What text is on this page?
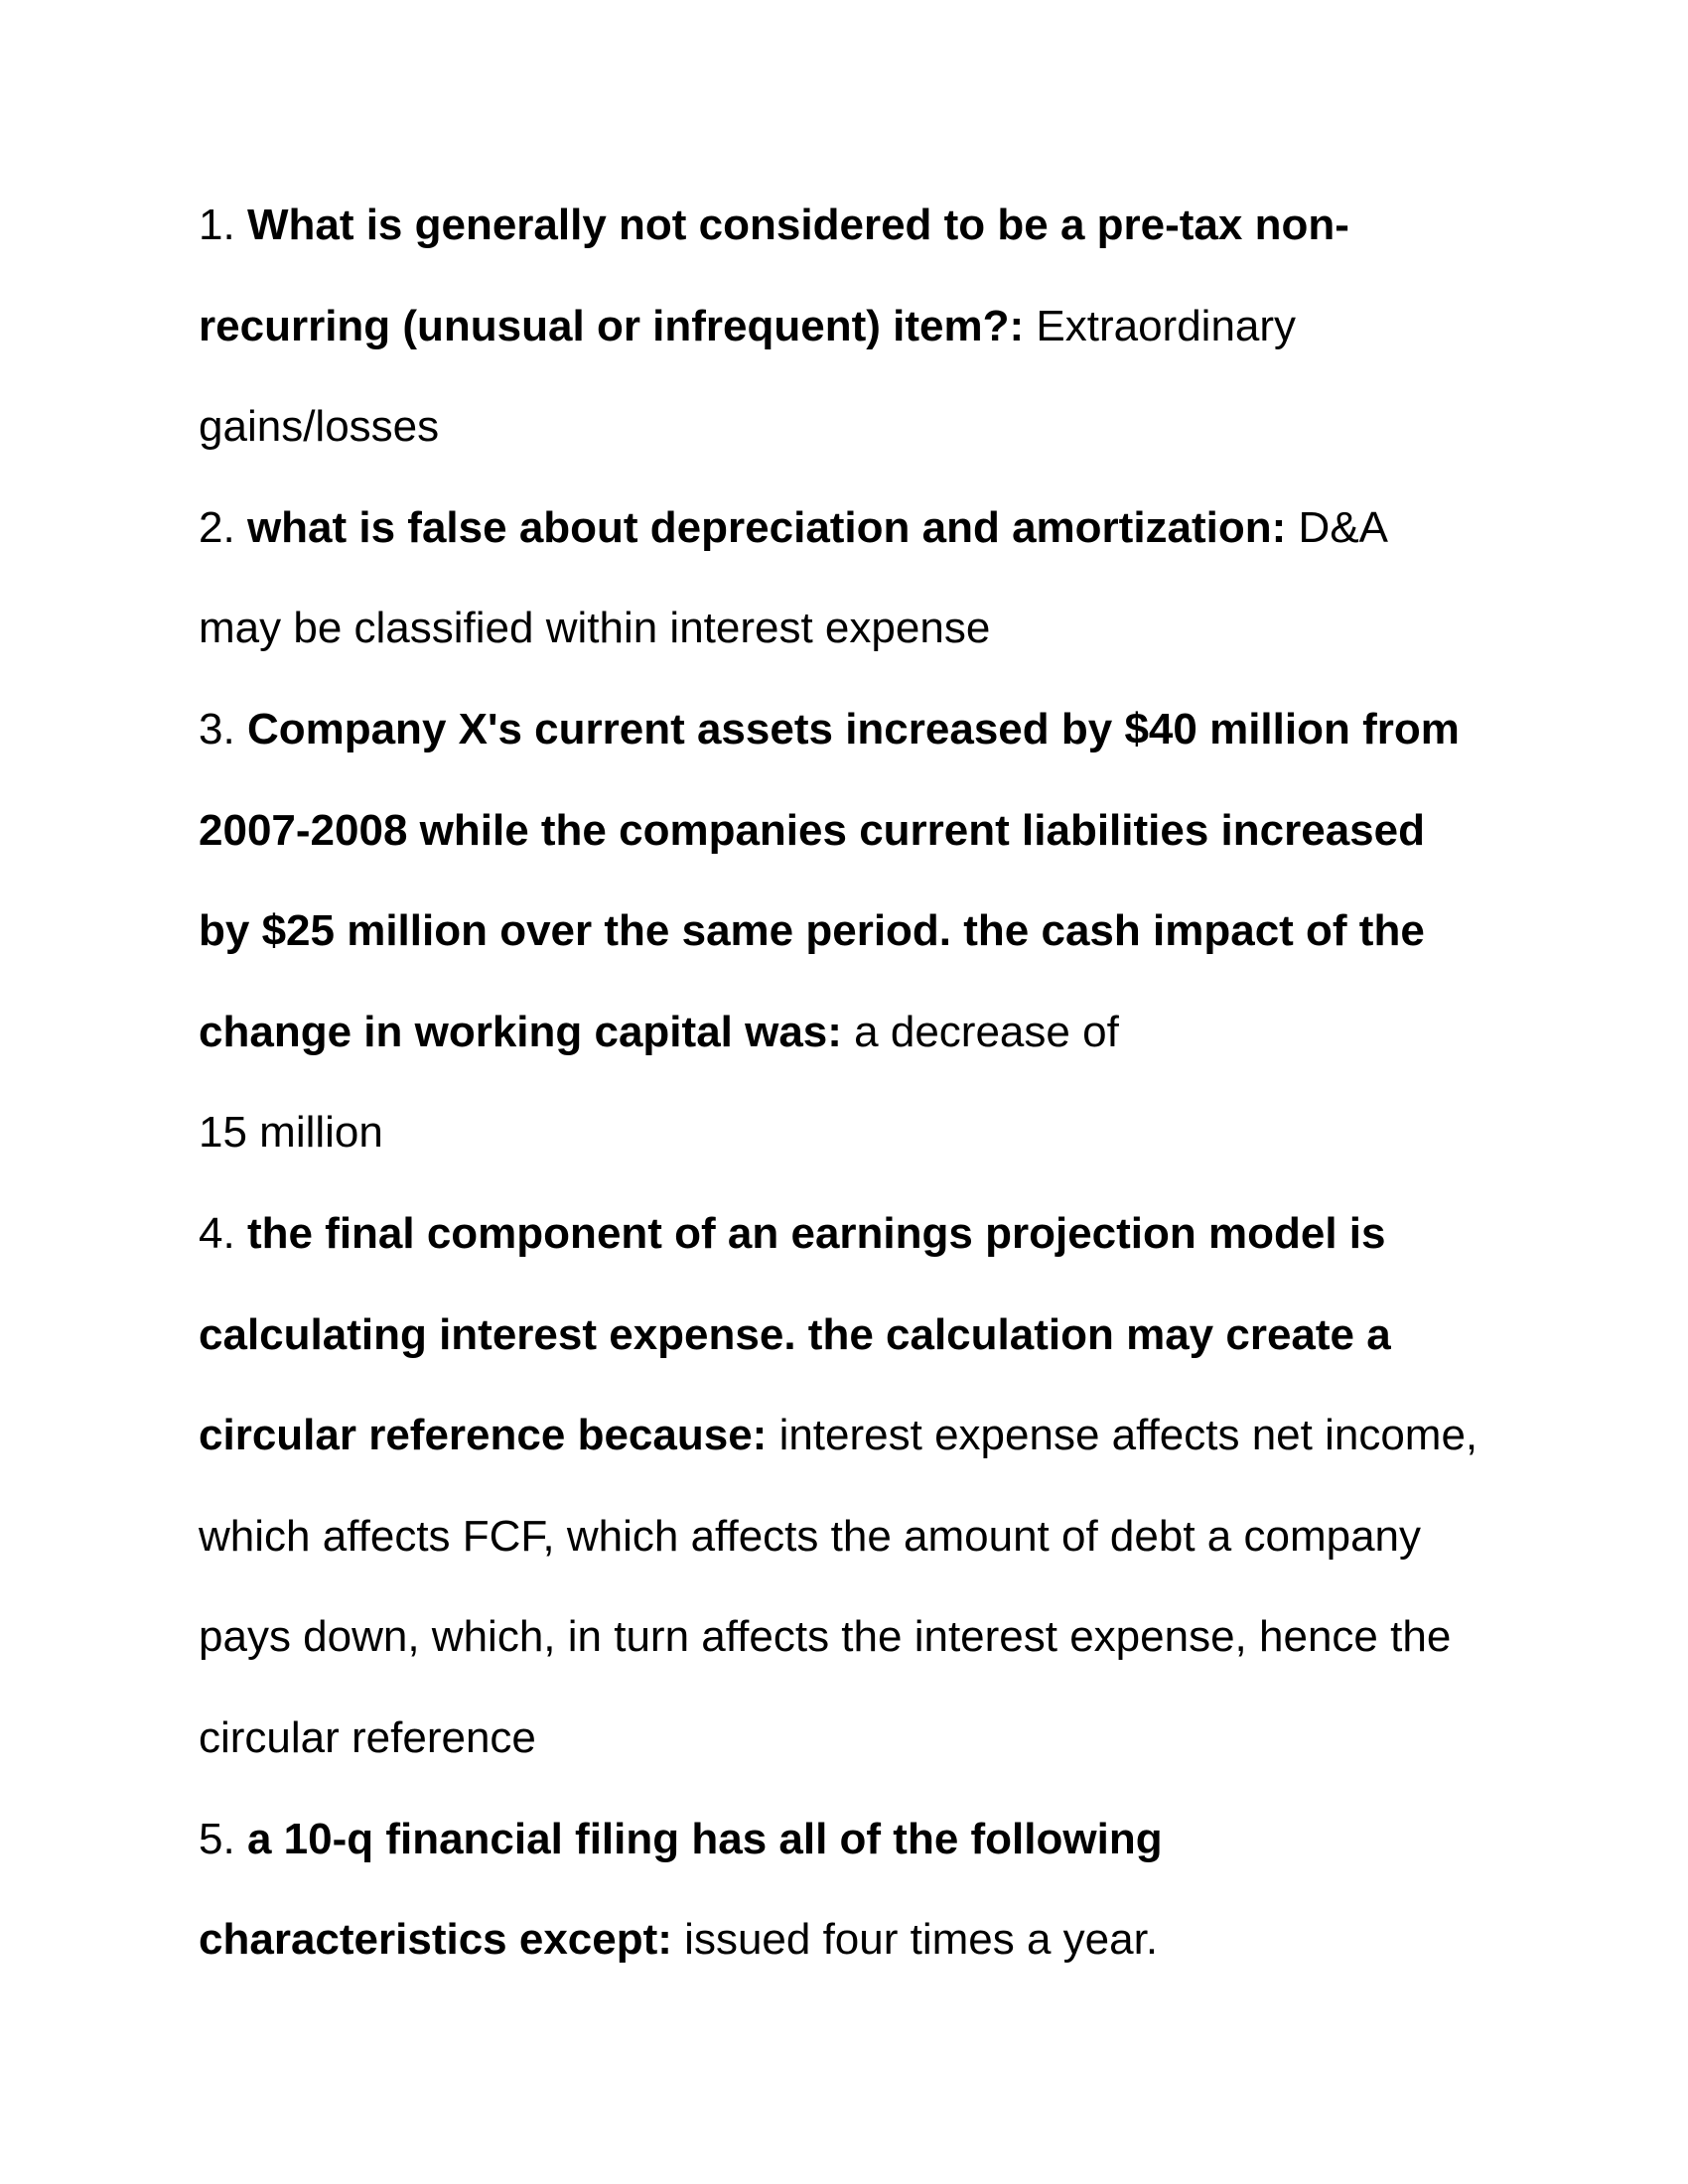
1. What is generally not considered to be a pre-tax non-
recurring (unusual or infrequent) item?: Extraordinary
gains/losses
2. what is false about depreciation and amortization: D&A
may be classified within interest expense
3. Company X's current assets increased by $40 million from
2007-2008 while the companies current liabilities increased
by $25 million over the same period. the cash impact of the
change in working capital was: a decrease of
15 million
4. the final component of an earnings projection model is
calculating interest expense. the calculation may create a
circular reference because: interest expense affects net income,
which affects FCF, which affects the amount of debt a company
pays down, which, in turn affects the interest expense, hence the
circular reference
5. a 10-q financial filing has all of the following
characteristics except: issued four times a year.
